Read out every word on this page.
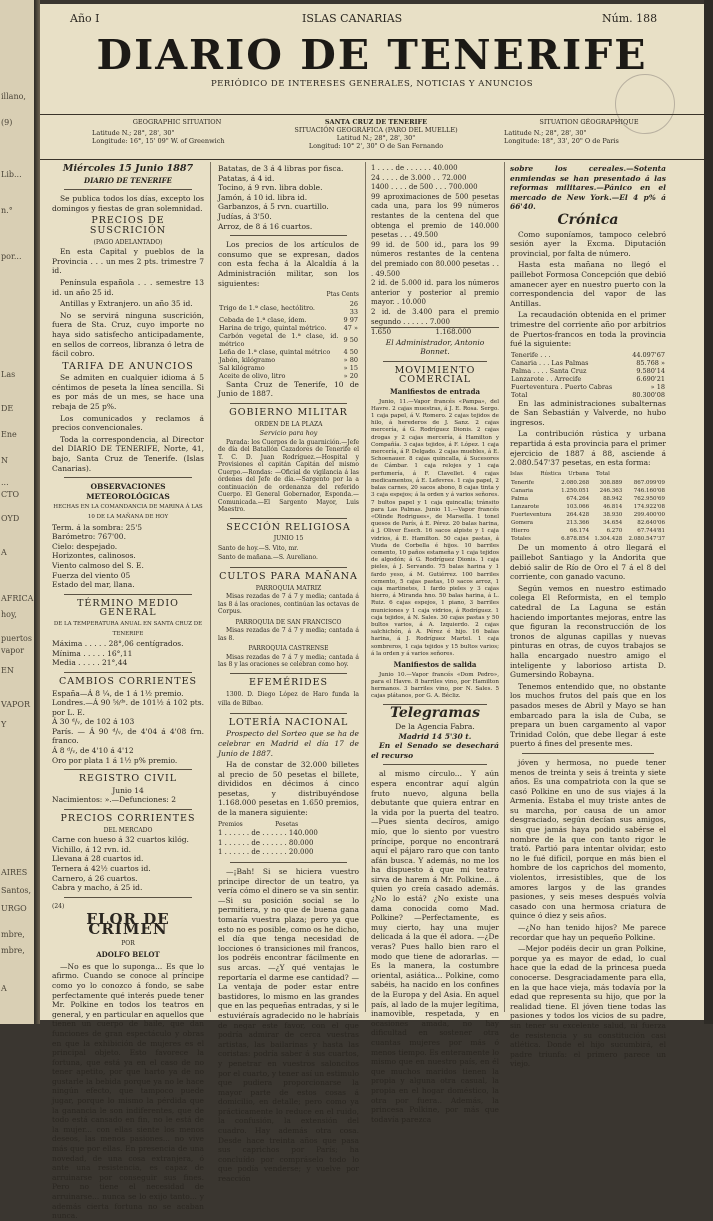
illano,
(9)
Lib...
n.°
por...
Las
DE
Ene
N
...
CTO
OYD
A
AFRICA
hoy,
puertos
vapor
EN
VAPOR
Y
AIRES
Santos,
URGO
mbre,
mbre,
A
Año I	ISLAS CANARIAS	Núm. 188
DIARIO DE TENERIFE
PERIÓDICO DE INTERESES GENERALES, NOTICIAS Y ANUNCIOS
GEOGRAPHIC SITUATION
Latitude N.; 28°, 28', 30"
Longitude: 16°, 15' 09" W. of Greenwich
SANTA CRUZ DE TENERIFE
SITUACIÓN GEOGRÁFICA (PARO DEL MUELLE)
Latitud N.; 28°, 28', 30"
Longitud: 10° 2', 30" O de San Fernando
SITUATION GÉOGRAPHIQUE
Latitude N.; 28°, 28', 30"
Longitude: 18°, 33', 20" O de Paris
Miércoles 15 Junio 1887
DIARIO DE TENERIFE

Se publica todos los días, excepto los domingos y fiestas de gran solemnidad.

PRECIOS DE SUSCRICIÓN
(PAGO ADELANTADO)

En esta Capital y pueblos de la Provincia . . . un mes 2 pts. trimestre 7 id.

Península española . . . semestre 13 id. un año 25 id.

Antillas y Extranjero. un año 35 id.

No se servirá ninguna suscrición, fuera de Sta. Cruz, cuyo importe no haya sido satisfecho anticipadamente, en sellos de correos, libranza ó letra de fácil cobro.

TARIFA DE ANUNCIOS

Se admiten en cualquier idioma á 5 céntimos de peseta la línea sencilla. Si es por más de un mes, se hace una rebaja de 25 p%.

Los comunicados y reclamos á precios convencionales.

Toda la correspondencia, al Director del DIARIO DE TENERIFE, Norte, 41, bajo, Santa Cruz de Tenerife. (Islas Canarias).

OBSERVACIONES METEOROLÓGICAS
HECHAS EN LA COMANDANCIA DE MARINA Á LAS 10 DE LA MAÑANA DE HOY
Term. á la sombra: 25'5
Barómetro: 767'00.
Cielo: despejado.
Horizontes, calinosos.
Viento calmoso del S. E.
Fuerza del viento 05
Estado del mar, llana.
TÉRMINO MEDIO GENERAL
DE LA TEMPERATURA ANUAL EN SANTA CRUZ DE TENERIFE
Máxima . . . . . 28°,06 centígrados.
Mínima . . . . . 16°,11
Media . . . . . 21°,44
CAMBIOS CORRIENTES
España—Á 8 ¼, de 1 á 1½ premio.
Londres.—Á 90 ⅝ᵈˢ. de 101½ á 102 pts. por L. E.
Á 30 ᵈ/ᵥ, de 102 á 103
París. — Á 90 ᵈ/ᵥ, de 4'04 á 4'08 frn. franco.
Á 8 ᵈ/ᵥ, de 4'10 á 4'12
Oro por plata 1 á 1½ p% premio.
REGISTRO CIVIL
Junio 14
Nacimientos: ».—Defunciones: 2
PRECIOS CORRIENTES
DEL MERCADO
Carne con hueso á 32 cuartos kilóg.
Vichillo, á 12 rvn. id.
Llevana á 28 cuartos id.
Ternera á 42½ cuartos id.
Carnero, á 26 cuartos.
Cabra y macho, á 25 id.
(24)
FLOR DE CRIMEN
POR
ADOLFO BELOT

—No es que lo suponga... Es que lo afirmo. Cuando se conoce al príncipe como yo lo conozco á fondo, se sabe perfectamente qué interés puede tener Mr. Polkine en todos los teatros en general, y en particular en aquellos que tienen un cuerpo de baile, que dan funciones de gran espectáculo y obras en que la exhibición de mujeres es el principal objeto. Esto favorece la fortuna, que está ya en el caso de no tener apetito, por que harto ya de no gustarle la bebida porque ya no le hace ningún efecto, que tampoco puede jugar, porque lo mismo la pérdida que la ganancia le son indiferentes, que de todo está cansado en fin, no le está de la mujer... con ellas siente los menos deseos, las menos pasiones... no vive más que por ellas. En presencia de una novedad, de una cosa extranjera, ó ante una resistencia, es capaz de arruinarse por conseguir sus fines. Pero no tiene el necesidad de arruinarse... nunca se lo exijo tanto... y además cierta fortuna no se acaban nunca.

Batatas, de 3 á 4 libras por fisca.
Patatas, á 4 id.
Tocino, á 9 rvn. libra doble.
Jamón, á 10 id. libra id.
Garbanzos, á 5 rvn. cuartillo.
Judías, á 3'50.
Arroz, de 8 á 16 cuartos.

Los precios de los artículos de consumo que se expresan, dados con esta fecha á la Alcaldía á la Administración militar, son los siguientes:

Ptas Cents
Trigo de 1.ª clase, hectólitro.	26 33
Cebada de 1.ª clase, ídem.	9 97
Harina de trigo, quintal métrico.	47 »
Carbón vegetal de 1.ª clase, id. métrico	9 50
Leña de 1.ª clase, quintal métrico	4 50
Jabón, kilógramo	» 80
Sal kilógramo	» 15
Aceite de olivo, litro	» 20

Santa Cruz de Tenerife, 10 de Junio de 1887.

GOBIERNO MILITAR
ORDEN DE LA PLAZA
Servicio para hoy

Parada: los Cuerpos de la guarnición.—Jefe de día del Batallón Cazadores de Tenerife el T. C. D. Juan Rodríguez.—Hospital y Provisiones el capitán Capitán del mismo Cuerpo.—Rondas: —Oficial de vigilancia á las órdenes del Jefe de día.—Sargento por la a continuación de ordenanza del referido Cuerpo. El General Gobernador, Esponda.—Comunicada.—El Sargento Mayor, Luis Maestro.

SECCIÓN RELIGIOSA
JUNIO 15
Santo de hoy.—S. Vito, mr.
Santo de mañana.—S. Aureliano.
CULTOS PARA MAÑANA
PARROQUIA MATRIZ

Misas rezadas de 7 á 7 y media; cantada á las 8 á las oraciones, continúan las octavas de Corpus.

PARROQUIA DE SAN FRANCISCO

Misas rezadas de 7 á 7 y media; cantada á las 8.

PARROQUIA CASTRENSE

Misas rezadas de 7 á 7 y media; cantada á las 8 y las oraciones se celebran como hoy.

EFEMÉRIDES

1300. D. Diego López de Haro funda la villa de Bilbao.

LOTERÍA NACIONAL

Prospecto del Sorteo que se ha de celebrar en Madrid el día 17 de Junio de 1887.

Ha de constar de 32.000 billetes al precio de 50 pesetas el billete, divididos en décimos á cinco pesetas, y distribuyéndose 1.168.000 pesetas en 1.650 premios, de la manera siguiente:

Premios                 Pesetas
1 . . . . . . de . . . . . . 140.000
1 . . . . . . de . . . . . . 80.000
1 . . . . . . de . . . . . . 20.000

—¡Bah! Si se hiciera vuestro principe director de un teatro, ya vería cómo el dinero se va sin sentir. —Si su posición social se lo permitiera, y no que de buena gana tomaría vuestra plaza; pero ya que esto no es posible, como os he dicho, el día que tenga necesidad de locciones ó transiciones mil francos, los podréis encontrar fácilmente en sus arcas. —¿Y qué ventajas le reportaría el darme ese cantidad? —La ventaja de poder estar entre bastidores, lo mismo en las grandes que en las pequeñas entradas, y si le estuviéraís agradecido no le habríais de negar este favor, con el que podría admirar de cerca vuestras artistas, las bailarinas y hasta las coristas: podría saber á sus cuartos, y penetrar en vuestros saloncitos por el cuarto, y tener así un estimulo que pudiera proporcionarse la mayor parte de estos cosas á domicilio, en detalle; pero como ya prácticamente lo reduce en el ruido, la confusión, la extensión del cuadro. Hay además otra cosa. Desde hace treinta años que pasa sus caprichos por París; ha concluído por compráselo todo lo que podía venderse; y vuelve por reacción

1 . . . . de . . . . . . 40.000
24 . . . . de 3.000 . . 72.000
1400 . . . . de 500 . . . 700.000
99 aproximaciones de 500 pesetas cada una, para los 99 números restantes de la centena del que obtenga el premio de 140.000 pesetas . . . 49.500
99 id. de 500 id., para los 99 números restantes de la centena del premiado con 80.000 pesetas . . . 49.500
2 id. de 5.000 id. para los números anterior y posterior al premio mayor. . 10.000
2 id. de 3.400 para el premio segundo . . . . . . 7.000
1.650                    1.168.000
El Administrador, Antonio Bonnet.
MOVIMIENTO COMERCIAL
Manifiestos de entrada

Junio, 11.—Vapor francés «Pampa», del Havre. 2 cajas muestras, á J. E. Rosa. Sergo. 1 caja papel, á V. Romero. 2 cajas tejidos de hilo, á herederos de J. Sanz. 2 cajas mercería, á G. Rodríguez Dionis. 2 cajas drogas y 2 cajas mercería, á Hamilton y Compañía. 3 cajas tejidos, á F. López. 1 caja mercería, á P. Delgado. 2 cajas muebles, á E. Schoenauer. 8 cajas quincalla, á Sucesores de Cámbar. 1 caja relojes y 1 caja perfumería, á F. Clavellet. 4 cajas medicamentos, á E. Lefevres. 1 caja papel, 2 balas carnes, 20 sacos abono, 8 cajas tinta y 3 caja espejos; á la orden y á varios señores. 7 bultos papel y 1 caja quincalla; tránsito para Las Palmas. Junio 11.—Vapor francés «Olinde Rodrigues», de Marsella. 1 tonel quesos de París, á E. Pérez. 20 balas harina, á J. Oliver Ésech. 16 sacos alpiste y 1 caja vidrios, á E. Hamilton. 50 cajas pastas, á Viuda de Corbella é hijos. 10 barriles cemento, 10 paños estameña y 1 caja tejidos de algodón; á G. Rodríguez Dionis. 1 caja pieles, á J. Servando. 75 balas harina y 1 fardo yeso, á M. Gutiérrez. 100 barriles cemento, 5 cajas pastas, 10 sacos arroz, 1 caja martinetes, 1 fardo pieles y 3 cajas hierro, á Miranda hno. 50 balas harina, á L. Ruiz. 6 cajas espejos, 1 piano, 3 barriles municiones y 1 caja vidrios, á Rodríguez. 1 caja tejidos, á N. Sales. 30 cajas pastas y 50 bultos varios, á A. Izquierdo. 2 cajas salchichón, á A. Pérez é hijo. 16 balas harina, á J. Rodríguez Martel. 1 caja sombreros, 1 caja tejidos y 15 bultos varios; á la orden y á varios señores.

Manifiestos de salida

Junio 10.—Vapor francés «Dom Pedro», para el Havre. 8 barriles vino, por Hamilton hermanos. 3 barriles vino, por N. Sales. 5 cajas plátanos, por G. A. Bécliz.

Telegramas
De la Agencia Fabra.
Madrid 14 5'30 t.

En el Senado se desechará el recurso

al mismo círculo... Y aún espera encontrar aquí algún fruto nuevo, alguna bella debutante que quiera entrar en la vida por la puerta del teatro. —Pues sienta decíros, amigo mío, que lo siento por vuestro príncipe, porque no encontrará aquí el pájaro raro que con tanto afán busca. Y además, no me los ha dispuesto á que mi teatro sirva de harem á Mr. Polkine... á quien yo creía casado además. ¿No lo está? ¿No existe una dama conocida como Mad. Polkine? —Perfectamente, es muy cierto, hay una mujer delicada á la que él adora. —¿De veras? Pues hallo bien raro el modo que tiene de adorarlas. —Es la manera, la costumbre oriental, asiática... Polkine, como sabéis, ha nacido en los confines de la Europa y del Asia. En aquel país, al lado de la mujer legítima, inamovible, respetada, y en ocasiones amada, no hay dificultad en sostener otra cuantas mujeres por más ó menos tiempo. Es enteramente lo mismo que en nuestro país, en él que muchos maridos tienen la propia y alguna otra casual, la propia en el hogar doméstico, la otra por fuera.. Además, la princesa Polkine, por más que todavía parezca

sobre los cereales.—Sotenta enmiendas se han presentado á las reformas militares.—Pánico en el mercado de New York.—El 4 p% á 66'40.

Crónica

Como suponíamos, tampoco celebró sesión ayer la Excma. Diputación provincial, por falta de número.

Hasta esta mañana no llegó el paillebot Formosa Concepción que debió amanecer ayer en nuestro puerto con la correspondencia del vapor de las Antillas.

La recaudación obtenida en el primer trimestre del corriente año por arbitrios de Puertos-francos en toda la provincia fué la siguiente:

Tenerife . . .	44.097'67
Canaria . . . Las Palmas	85.768 »
Palma . . . . Santa Cruz	9.580'14
Lanzarote . . Arrecife	6.690'21
Fuerteventura . Puerto Cabras	» 18
Total	80.300'08

En las administraciones subalternas de San Sebastián y Valverde, no hubo ingresos.

La contribución rústica y urbana repartida á esta provincia para el primer ejercicio de 1887 á 88, asciende á 2.080.547'37 pesetas, en esta forma:

Islas          Rústica    Urbana    Total
Tenerife	2.080.268	308.889	867.099'09
Canaria	1.250.051	246.363	746.160'08
Palma	674.264	88.942	762.950'69
Lanzarote	103.066	46.814	174.922'08
Fuerteventura	264.428	38.930	299.400'00
Gomera	213.366	34.654	82.640'06
Hierro	66.174	6.270	67.744'81
Totales	6.878.854	1.304.428	2.080.547'37

De un momento á otro llegará el paillebot Santiago y la Andorita que debió salir de Río de Oro el 7 á el 8 del corriente, con ganado vacuno.

Según vemos en nuestro estimado colega El Reformista, en el templo catedral de La Laguna se están haciendo importantes mejoras, entre las que figuran la reconstrucción de los tronos de algunas capillas y nuevas pinturas en otras, de cuyos trabajos se halla encargado nuestro amigo el inteligente y laborioso artista D. Gumersindo Robayna.

Tenemos entendido que, no obstante los muchos frutos del país que en los pasados meses de Abril y Mayo se han embarcado para la isla de Cuba, se prepara un buen cargamento al vapor Trinidad Colón, que debe llegar á este puerto á fines del presente mes.

jóven y hermosa, no puede tener menos de treinta y seis á treinta y siete años. Es una compatriota con la que se casó Polkine en uno de sus viajes á la Armenia. Estaba el muy triste antes de su marcha, por causa de un amor desgraciado, según decían sus amigos, sin que jamás haya podido sabérse el nombre de la que con tanto rigor le trató. Partió para intentar olvidar, esto no le fué difícil, porque en más bien el hombre de los caprichos del momento, violentos, irresistibles, que de los amores largos y de las grandes pasiones, y seis meses después volvía casado con una hermosa criatura de quince ó diez y seis años.

—¿No han tenido hijos? Me parece recordar que hay un pequeño Polkine.

—Mejor podéis decir un gran Polkine, porque ya es mayor de edad, lo cual hace que la edad de la princesa pueda conocerse. Desgraciadamente para ella, en la que hace vieja, más todavía por la edad que representa su hijo, que por la realidad tiene. El jóven tiene todas las pasiones y todos los vicios de su padre, sin tener su excelente salud, ni fuerza de resistencia y su constitución casi atlética. Donde el hijo sucumbirá, el padre triunfa: el primero parece un viejo.
